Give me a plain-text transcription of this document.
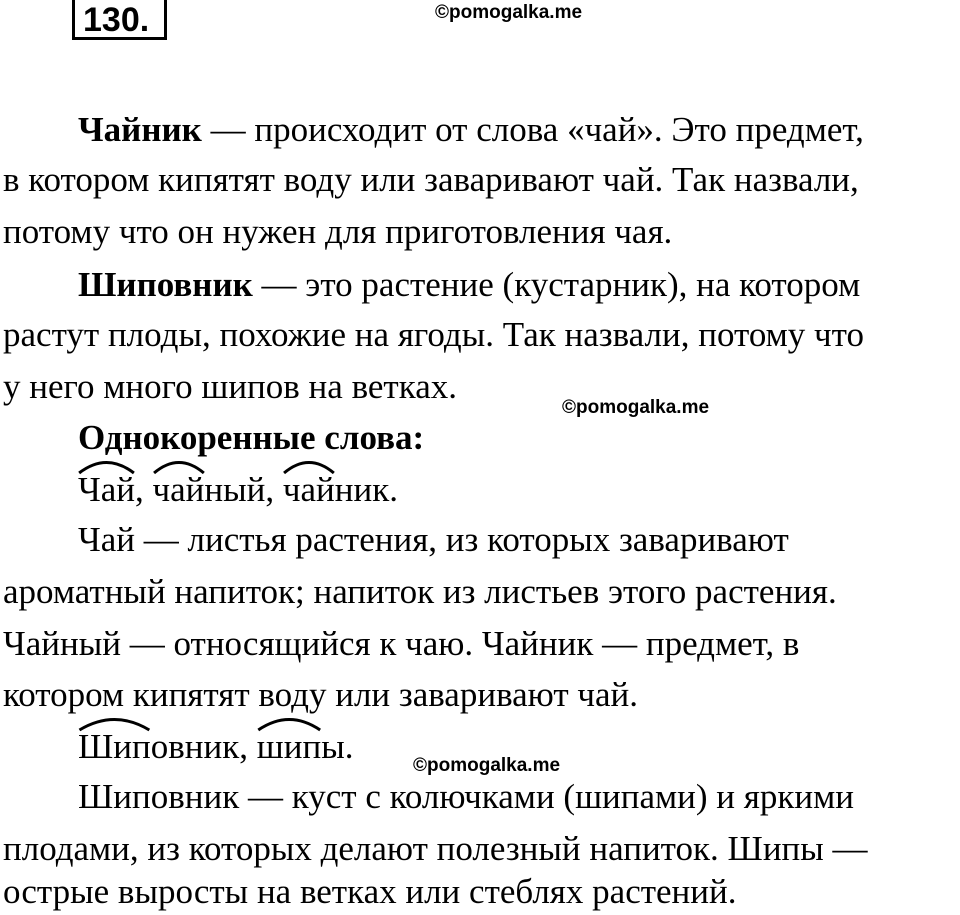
130.	©pomogalka.me
Чайник — происходит от слова «чай». Это предмет,
в котором кипятят воду или заваривают чай. Так назвали,
потому что он нужен для приготовления чая.
Шиповник — это растение (кустарник), на котором
растут плоды, похожие на ягоды. Так назвали, потому что
у него много шипов на ветках.
©pomogalka.me
Однокоренные слова:
Чай,
чайный,
чайник.
Чай — листья растения, из которых заваривают
ароматный напиток; напиток из листьев этого растения.
Чайный — относящийся к чаю. Чайник — предмет, в
котором кипятят воду или заваривают чай.
Шиповник,
шипы.	©pomogalka.me
Шиповник — куст с колючками (шипами) и яркими
плодами, из которых делают полезный напиток. Шипы —
острые выросты на ветках или стеблях растений.
